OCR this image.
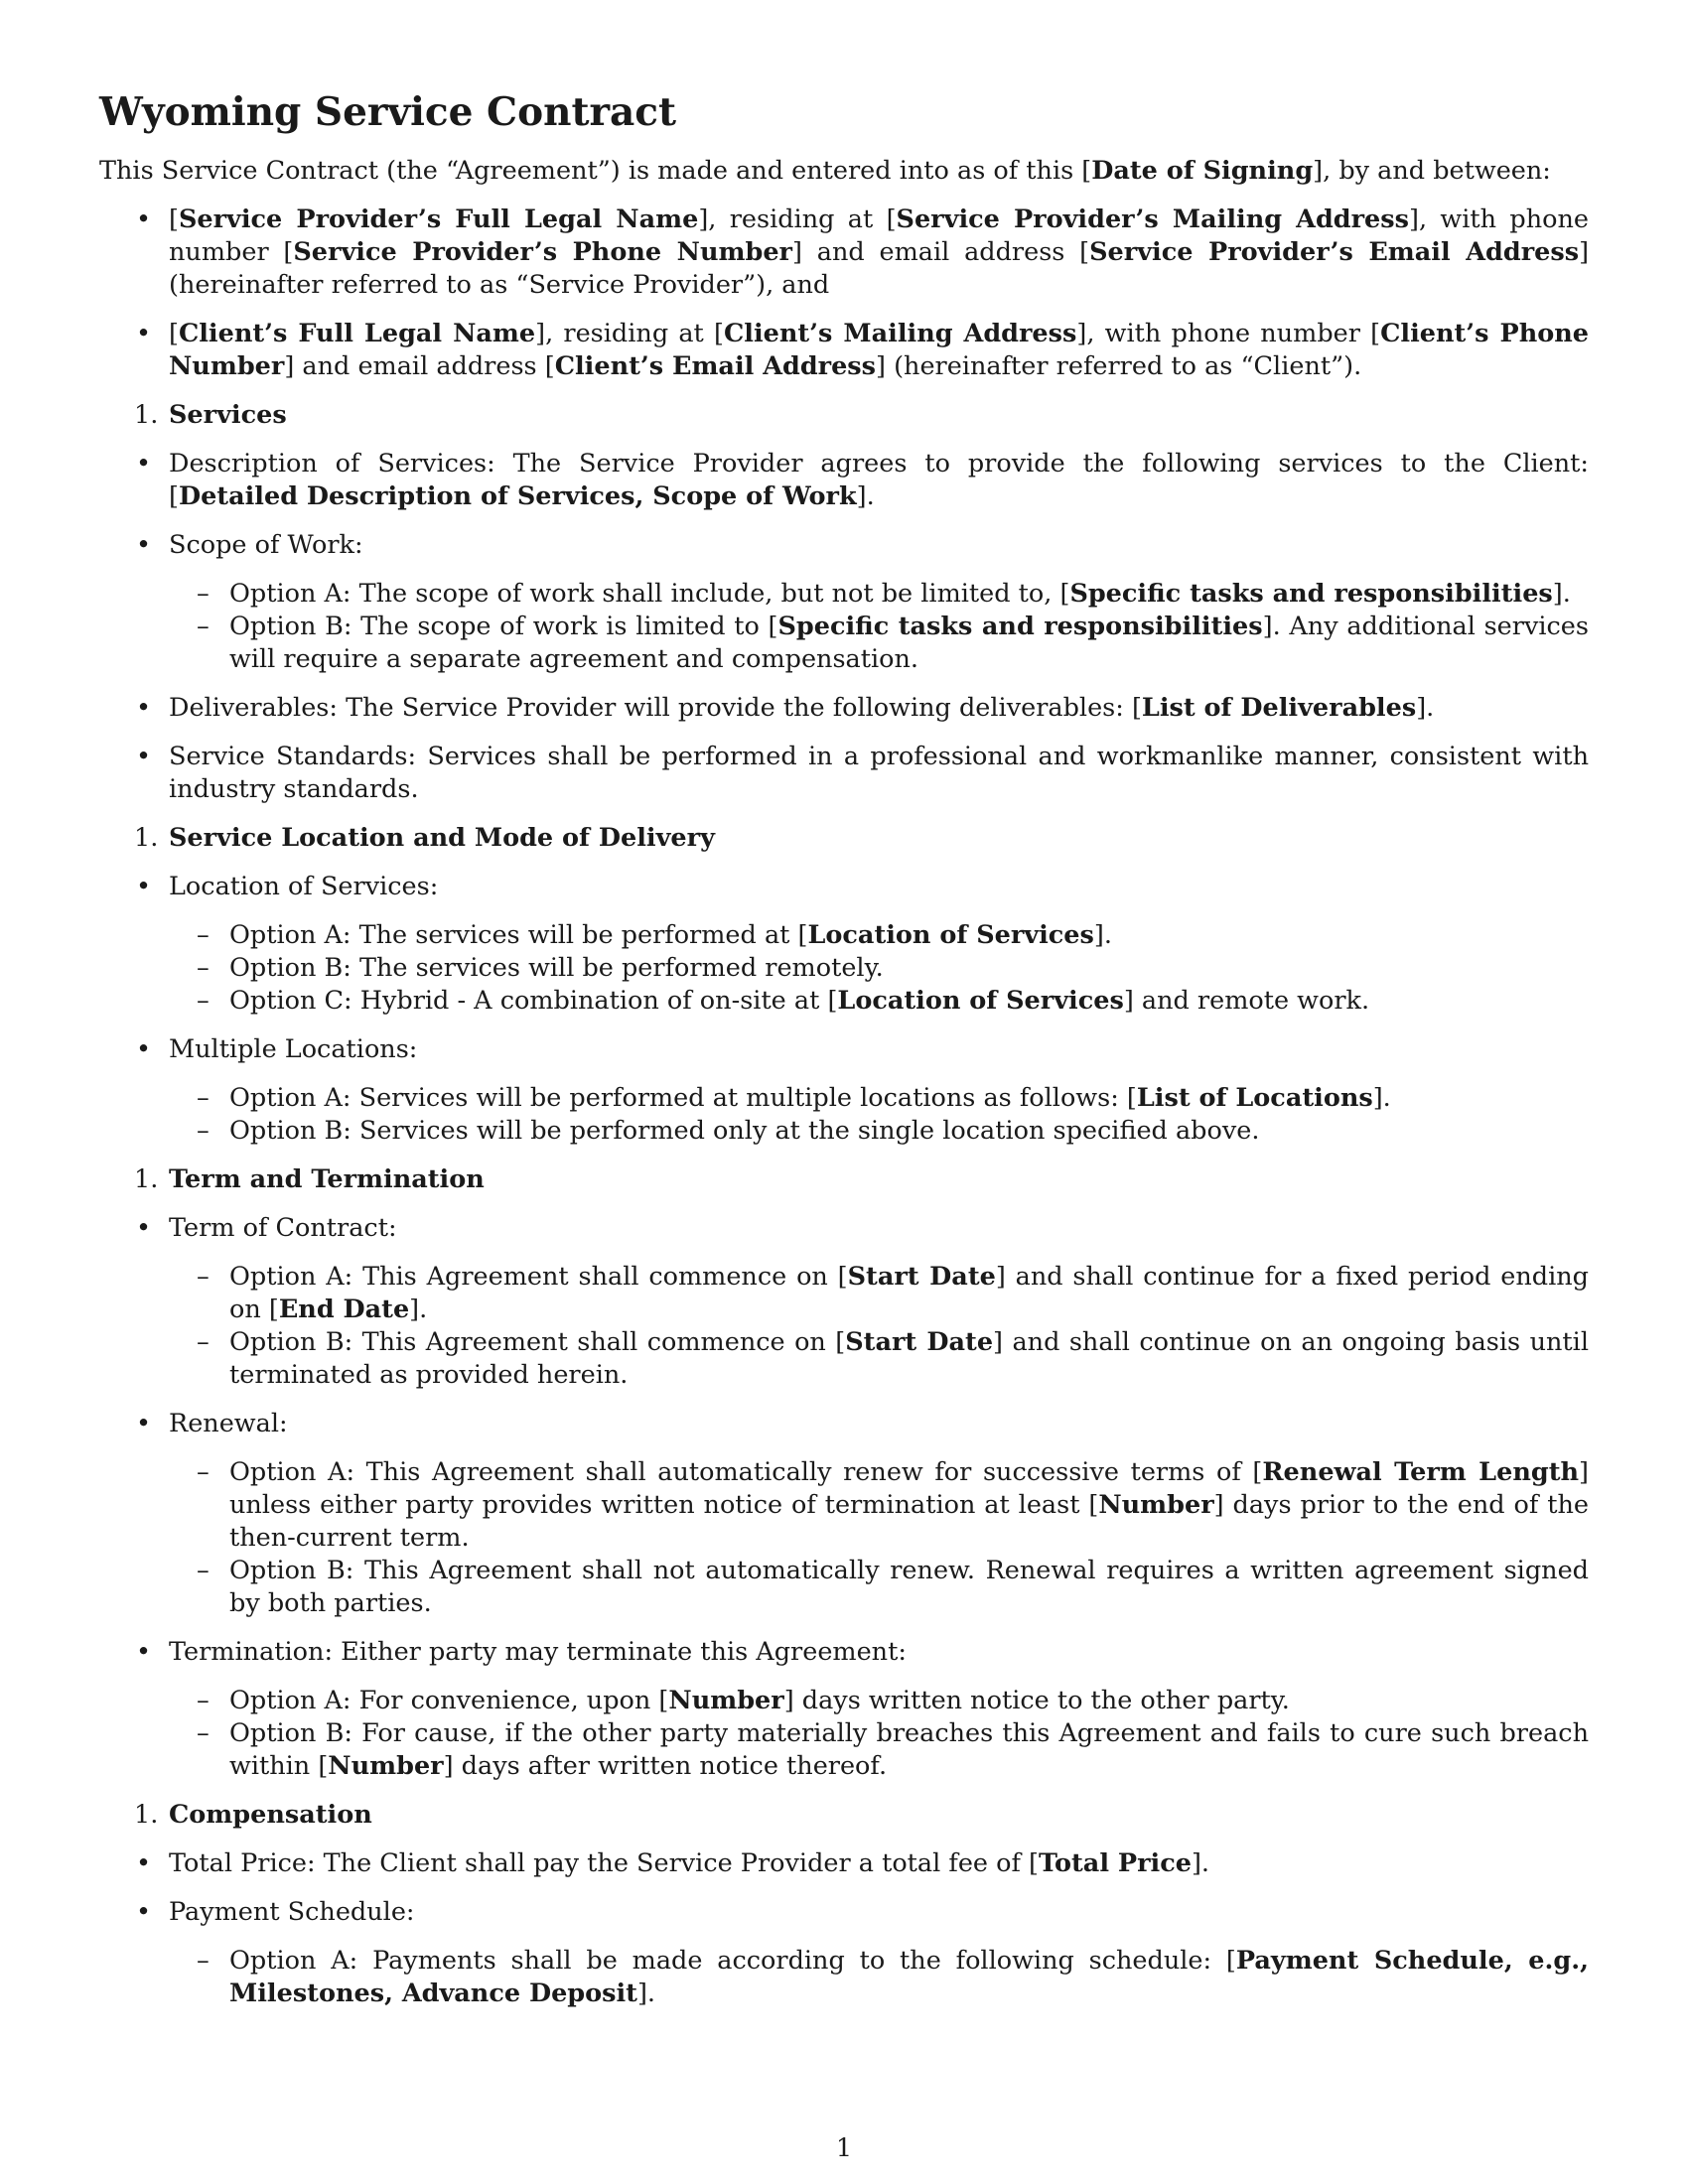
Wyoming Service Contract

This Service Contract (the “Agreement”) is made and entered into as of this [Date of Signing], by and between:

• [Service Provider’s Full Legal Name], residing at [Service Provider’s Mailing Address], with phone number [Service Provider’s Phone Number] and email address [Service Provider’s Email Address] (hereinafter referred to as “Service Provider”), and
• [Client’s Full Legal Name], residing at [Client’s Mailing Address], with phone number [Client’s Phone Number] and email address [Client’s Email Address] (hereinafter referred to as “Client”).
1. Services
• Description of Services: The Service Provider agrees to provide the following services to the Client: [Detailed Description of Services, Scope of Work].
• Scope of Work:
– Option A: The scope of work shall include, but not be limited to, [Specific tasks and responsibilities].
– Option B: The scope of work is limited to [Specific tasks and responsibilities]. Any additional services will require a separate agreement and compensation.
• Deliverables: The Service Provider will provide the following deliverables: [List of Deliverables].
• Service Standards: Services shall be performed in a professional and workmanlike manner, consistent with industry standards.
1. Service Location and Mode of Delivery
• Location of Services:
– Option A: The services will be performed at [Location of Services].
– Option B: The services will be performed remotely.
– Option C: Hybrid - A combination of on-site at [Location of Services] and remote work.
• Multiple Locations:
– Option A: Services will be performed at multiple locations as follows: [List of Locations].
– Option B: Services will be performed only at the single location specified above.
1. Term and Termination
• Term of Contract:
– Option A: This Agreement shall commence on [Start Date] and shall continue for a fixed period ending on [End Date].
– Option B: This Agreement shall commence on [Start Date] and shall continue on an ongoing basis until terminated as provided herein.
• Renewal:
– Option A: This Agreement shall automatically renew for successive terms of [Renewal Term Length] unless either party provides written notice of termination at least [Number] days prior to the end of the then-current term.
– Option B: This Agreement shall not automatically renew. Renewal requires a written agreement signed by both parties.
• Termination: Either party may terminate this Agreement:
– Option A: For convenience, upon [Number] days written notice to the other party.
– Option B: For cause, if the other party materially breaches this Agreement and fails to cure such breach within [Number] days after written notice thereof.
1. Compensation
• Total Price: The Client shall pay the Service Provider a total fee of [Total Price].
• Payment Schedule:
– Option A: Payments shall be made according to the following schedule: [Payment Schedule, e.g., Milestones, Advance Deposit].
1
